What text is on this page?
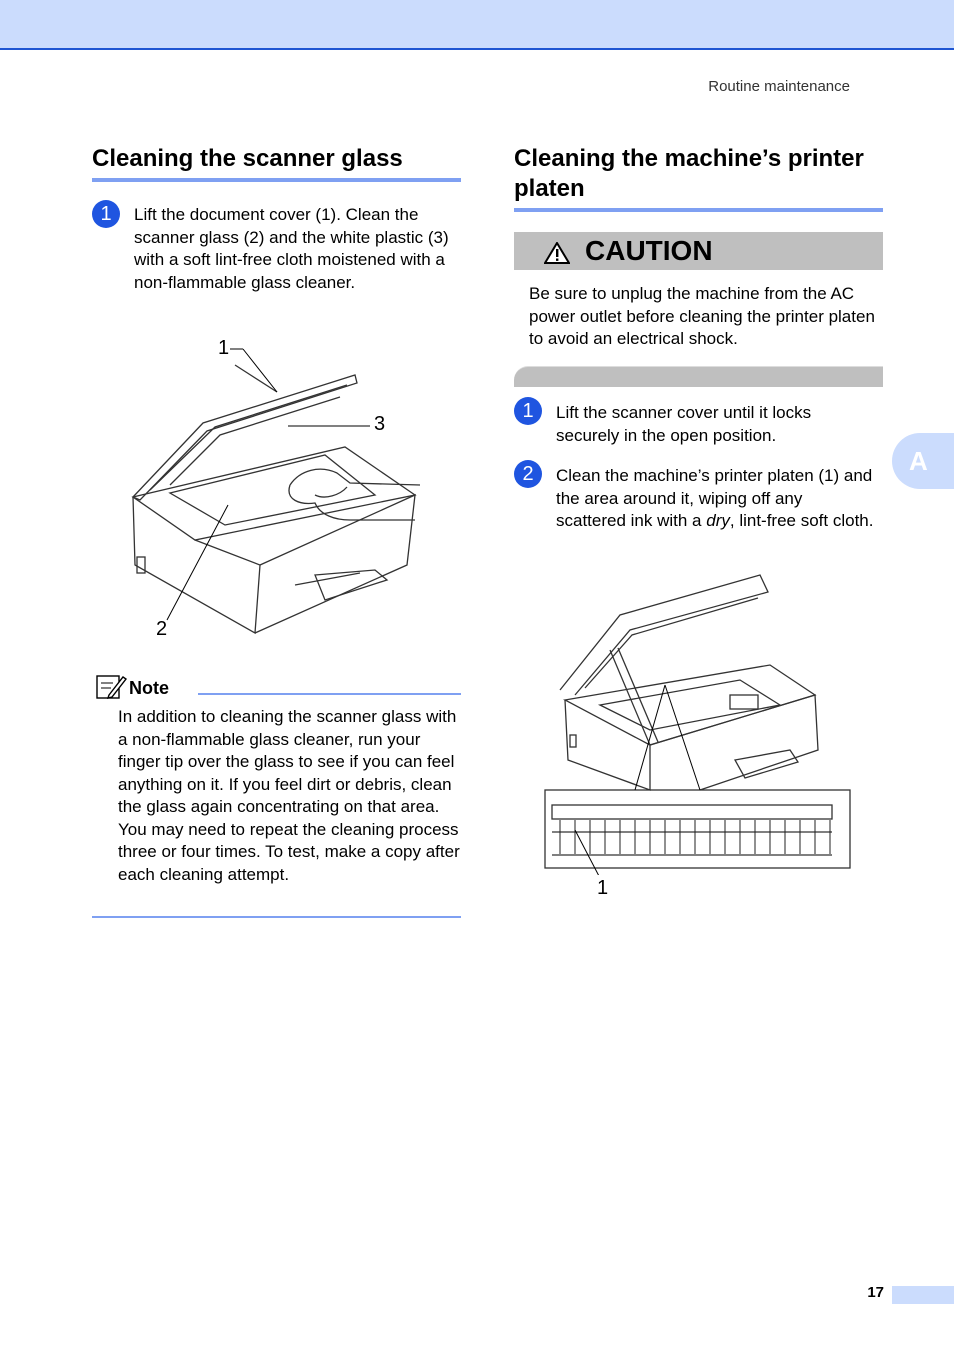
Routine maintenance
Cleaning the scanner glass
1	Lift the document cover (1). Clean the scanner glass (2) and the white plastic (3) with a soft lint-free cloth moistened with a non-flammable glass cleaner.
1
3
2
Note
In addition to cleaning the scanner glass with a non-flammable glass cleaner, run your finger tip over the glass to see if you can feel anything on it. If you feel dirt or debris, clean the glass again concentrating on that area. You may need to repeat the cleaning process three or four times. To test, make a copy after each cleaning attempt.
Cleaning the machine’s printer platen
CAUTION
Be sure to unplug the machine from the AC power outlet before cleaning the printer platen to avoid an electrical shock.
1	Lift the scanner cover until it locks securely in the open position.
2	Clean the machine’s printer platen (1) and the area around it, wiping off any scattered ink with a dry, lint-free soft cloth.
1
A
17
